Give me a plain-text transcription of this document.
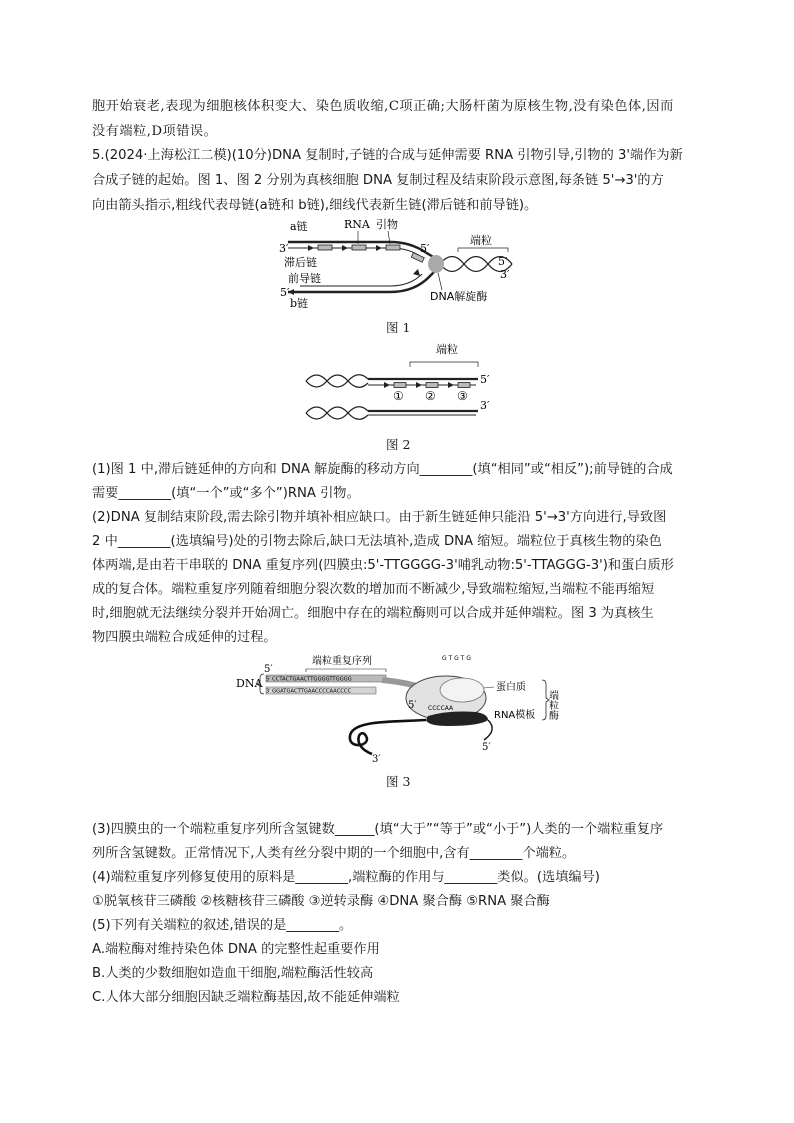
胞开始衰老,表现为细胞核体积变大、染色质收缩,C项正确;大肠杆菌为原核生物,没有染色体,因而
没有端粒,D项错误。
5.(2024·上海松江二模)(10分)DNA 复制时,子链的合成与延伸需要 RNA 引物引导,引物的 3'端作为新
合成子链的起始。图 1、图 2 分别为真核细胞 DNA 复制过程及结束阶段示意图,每条链 5'→3'的方
向由箭头指示,粗线代表母链(a链和 b链),细线代表新生链(滞后链和前导链)。
a链	RNA 引物
3′
滞后链
前导链
5′
b链
5′
端粒
5′
3′
DNA解旋酶
图 1
端粒
① ② ③
5′
3′
图 2
(1)图 1 中,滞后链延伸的方向和 DNA 解旋酶的移动方向________(填“相同”或“相反”);前导链的合成
需要________(填“一个”或“多个”)RNA 引物。
(2)DNA 复制结束阶段,需去除引物并填补相应缺口。由于新生链延伸只能沿 5'→3'方向进行,导致图
2 中________(选填编号)处的引物去除后,缺口无法填补,造成 DNA 缩短。端粒位于真核生物的染色
体两端,是由若干串联的 DNA 重复序列(四膜虫:5'-TTGGGG-3'哺乳动物:5'-TTAGGG-3')和蛋白质形
成的复合体。端粒重复序列随着细胞分裂次数的增加而不断减少,导致端粒缩短,当端粒不能再缩短
时,细胞就无法继续分裂并开始凋亡。细胞中存在的端粒酶则可以合成并延伸端粒。图 3 为真核生
物四膜虫端粒合成延伸的过程。
DNA 5′ CCTACTGAACTTGGGGTTGGGG
3′ GGATGACTTGAACCCCAACCCC
端粒重复序列
CCCCAA
G T G T G
5′
5′
3′
蛋白质
RNA模板 端粒酶
5′
图 3
(3)四膜虫的一个端粒重复序列所含氢键数______(填“大于”“等于”或“小于”)人类的一个端粒重复序
列所含氢键数。正常情况下,人类有丝分裂中期的一个细胞中,含有________个端粒。
(4)端粒重复序列修复使用的原料是________,端粒酶的作用与________类似。(选填编号)
①脱氧核苷三磷酸 ②核糖核苷三磷酸 ③逆转录酶 ④DNA 聚合酶 ⑤RNA 聚合酶
(5)下列有关端粒的叙述,错误的是________。
A.端粒酶对维持染色体 DNA 的完整性起重要作用
B.人类的少数细胞如造血干细胞,端粒酶活性较高
C.人体大部分细胞因缺乏端粒酶基因,故不能延伸端粒
